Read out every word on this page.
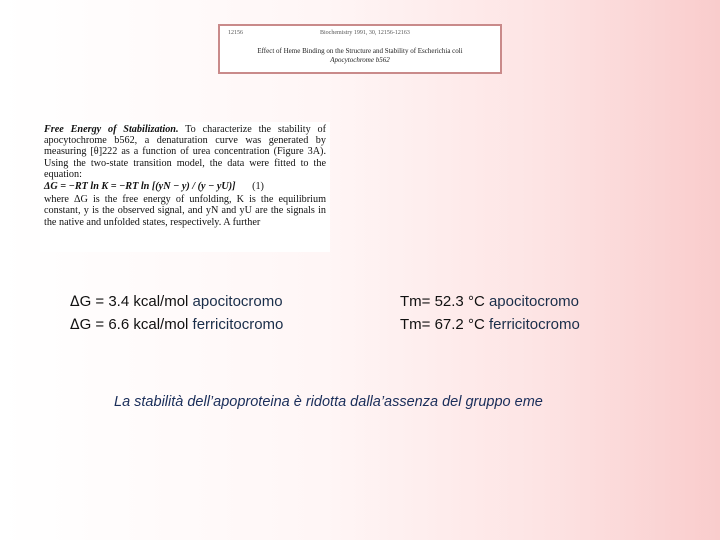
12156	Biochemistry 1991, 30, 12156-12163
Effect of Heme Binding on the Structure and Stability of Escherichia coli
Apocytochrome b562

Free Energy of Stabilization. To characterize the stability of apocytochrome b562, a denaturation curve was generated by measuring [θ]222 as a function of urea concentration (Figure 3A). Using the two-state transition model, the data were fitted to the equation:

ΔG = −RT ln K = −RT ln [(yN − y) / (y − yU)] (1)

where ΔG is the free energy of unfolding, K is the equilibrium constant, y is the observed signal, and yN and yU are the signals in the native and unfolded states, respectively. A further

ΔG = 3.4 kcal/mol apocitocromo
ΔG = 6.6 kcal/mol ferricitocromo
Tm= 52.3 °C apocitocromo
Tm= 67.2 °C ferricitocromo
La stabilità dell’apoproteina è ridotta dalla’assenza del gruppo eme
